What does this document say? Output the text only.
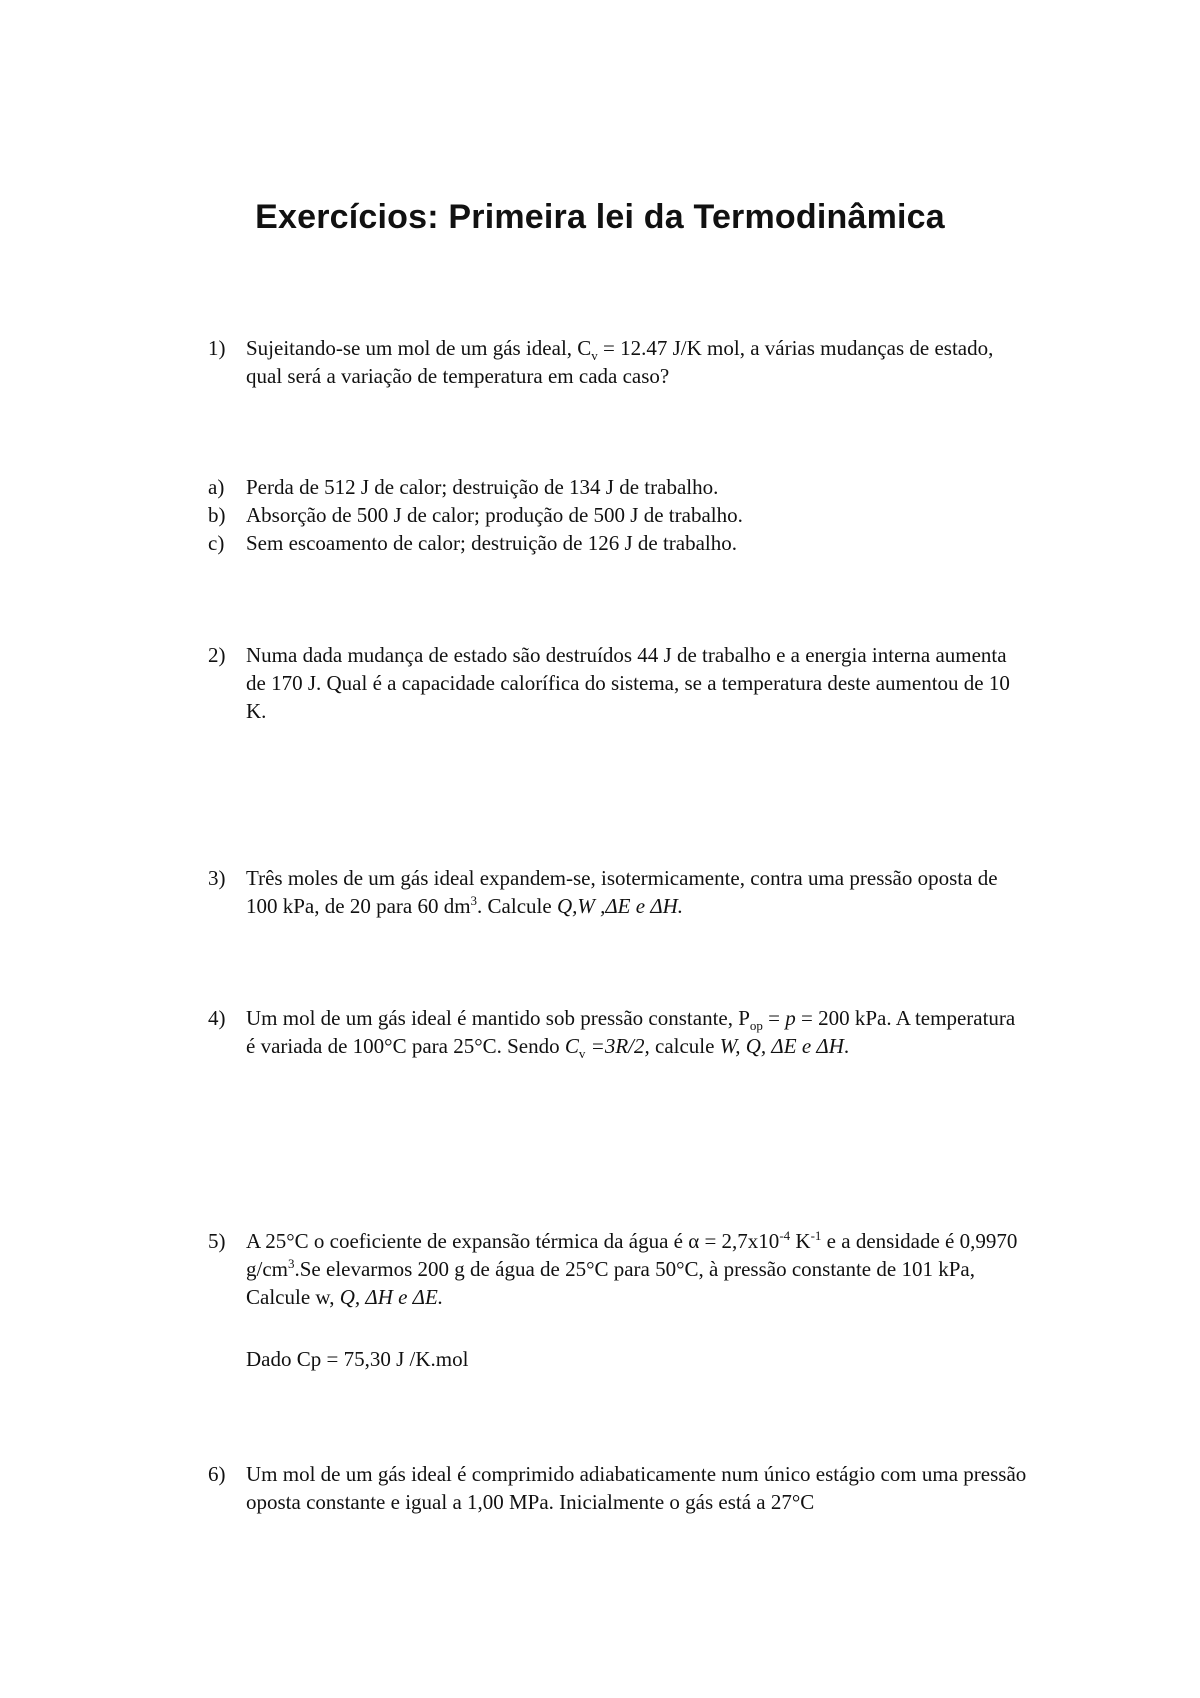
Exercícios: Primeira lei da Termodinâmica
1) Sujeitando-se um mol de um gás ideal, $C_v = 12.47$ J/K mol, a várias mudanças de estado, qual será a variação de temperatura em cada caso?
a) Perda de 512 J de calor; destruição de 134 J de trabalho.
b) Absorção de 500 J de calor; produção de 500 J de trabalho.
c) Sem escoamento de calor; destruição de 126 J de trabalho.
2) Numa dada mudança de estado são destruídos 44 J de trabalho e a energia interna aumenta de 170 J. Qual é a capacidade calorífica do sistema, se a temperatura deste aumentou de 10 K.
3) Três moles de um gás ideal expandem-se, isotermicamente, contra uma pressão oposta de 100 kPa, de 20 para 60 $dm^3$. Calcule Q,W ,ΔE e ΔH.
4) Um mol de um gás ideal é mantido sob pressão constante, $P_{op} = p = 200$ kPa. A temperatura é variada de 100°C para 25°C. Sendo $C_v =3R/2$, calcule W, Q, ΔE e ΔH.
5) A 25°C o coeficiente de expansão térmica da água é $\alpha = 2,7x10^{-4}$ $K^{-1}$ e a densidade é 0,9970 $g/cm^3.Se$ elevarmos 200 g de água de 25°C para 50°C, à pressão constante de 101 kPa, Calcule w, Q, ΔH e ΔE.
Dado Cp = 75,30 J /K.mol
6) Um mol de um gás ideal é comprimido adiabaticamente num único estágio com uma pressão oposta constante e igual a 1,00 MPa. Inicialmente o gás está a 27°C
